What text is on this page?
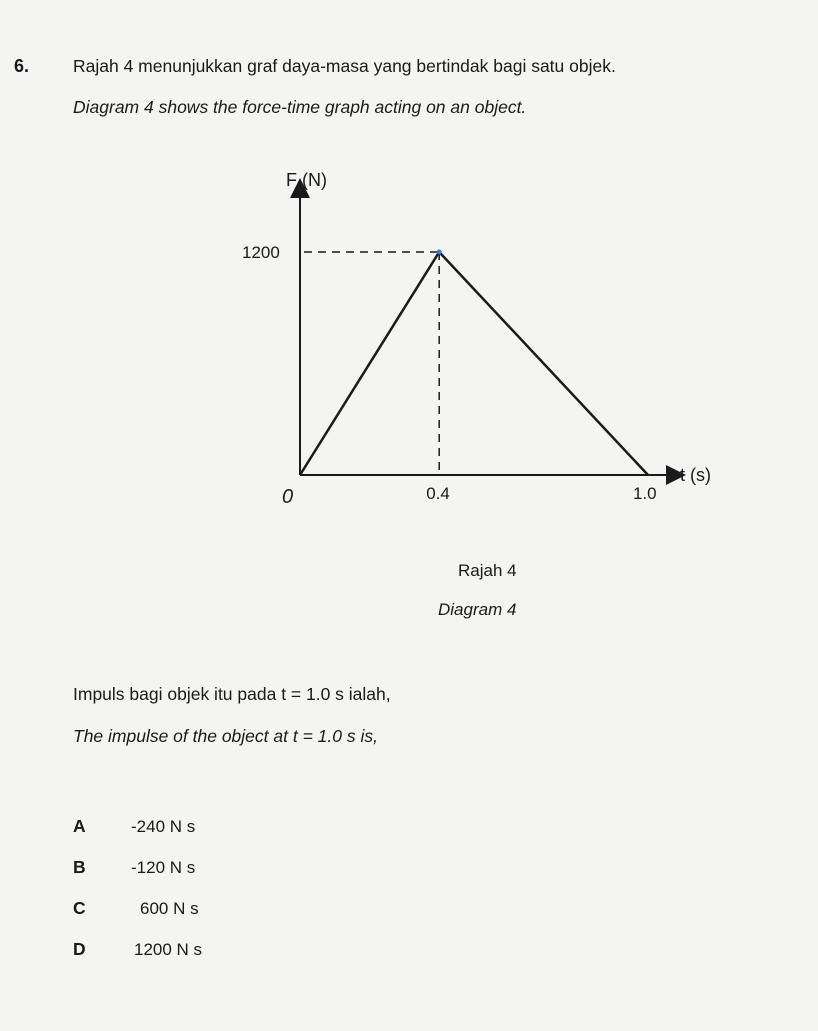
6.	Rajah 4 menunjukkan graf daya-masa yang bertindak bagi satu objek.
Diagram 4 shows the force-time graph acting on an object.
F (N)
t (s)
1200
0	0.4	1.0
Rajah 4
Diagram 4
Impuls bagi objek itu pada t = 1.0 s ialah,
The impulse of the object at t = 1.0 s is,
A	-240 N s
B	-120 N s
C	600 N s
D	1200 N s
